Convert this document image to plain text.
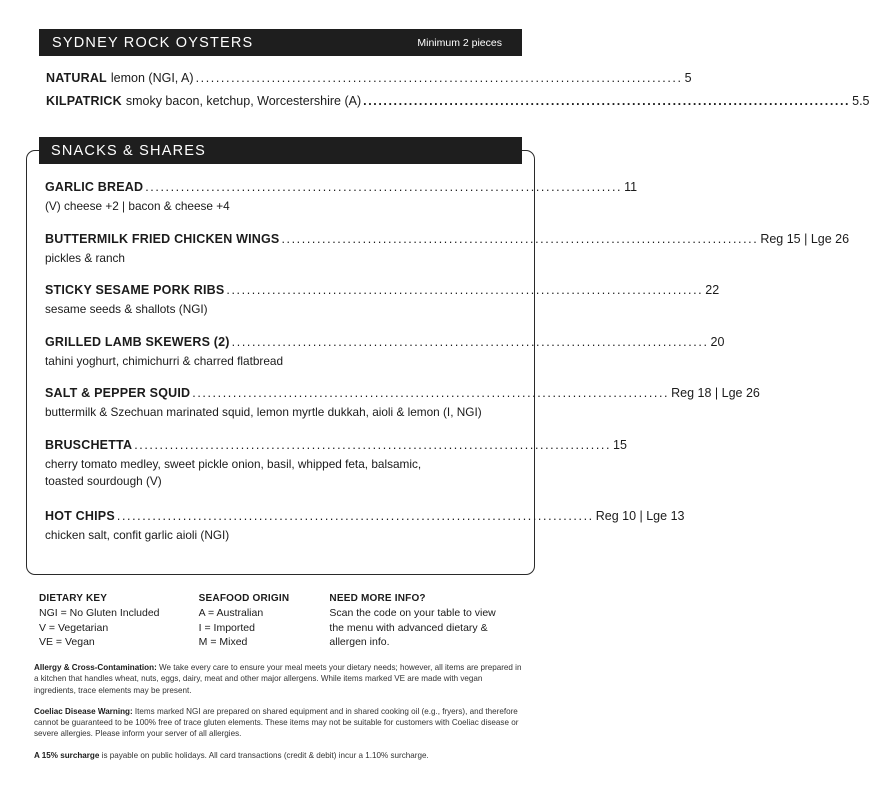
SYDNEY ROCK OYSTERS	Minimum 2 pieces
NATURAL lemon (NGI, A) ................................................................................................ 5
KILPATRICK smoky bacon, ketchup, Worcestershire (A) ................................................................................................ 5.5
SNACKS & SHARES
GARLIC BREAD .............................................................................................. 11
(V) cheese +2 | bacon & cheese +4
BUTTERMILK FRIED CHICKEN WINGS .............................................................................................. Reg 15 | Lge 26
pickles & ranch
STICKY SESAME PORK RIBS .............................................................................................. 22
sesame seeds & shallots (NGI)
GRILLED LAMB SKEWERS (2) .............................................................................................. 20
tahini yoghurt, chimichurri & charred flatbread
SALT & PEPPER SQUID .............................................................................................. Reg 18 | Lge 26
buttermilk & Szechuan marinated squid, lemon myrtle dukkah, aioli & lemon (I, NGI)
BRUSCHETTA .............................................................................................. 15
cherry tomato medley, sweet pickle onion, basil, whipped feta, balsamic,
toasted sourdough (V)
HOT CHIPS .............................................................................................. Reg 10 | Lge 13
chicken salt, confit garlic aioli (NGI)
DIETARY KEY
NGI = No Gluten Included
V = Vegetarian
VE = Vegan
SEAFOOD ORIGIN
A = Australian
I = Imported
M = Mixed
NEED MORE INFO?
Scan the code on your table to view
the menu with advanced dietary &
allergen info.

Allergy & Cross-Contamination: We take every care to ensure your meal meets your dietary needs; however, all items are prepared in a kitchen that handles wheat, nuts, eggs, dairy, meat and other major allergens. While items marked VE are made with vegan ingredients, trace elements may be present.

Coeliac Disease Warning: Items marked NGI are prepared on shared equipment and in shared cooking oil (e.g., fryers), and therefore cannot be guaranteed to be 100% free of trace gluten elements. These items may not be suitable for customers with Coeliac disease or severe allergies. Please inform your server of all allergies.

A 15% surcharge is payable on public holidays. All card transactions (credit & debit) incur a 1.10% surcharge.
